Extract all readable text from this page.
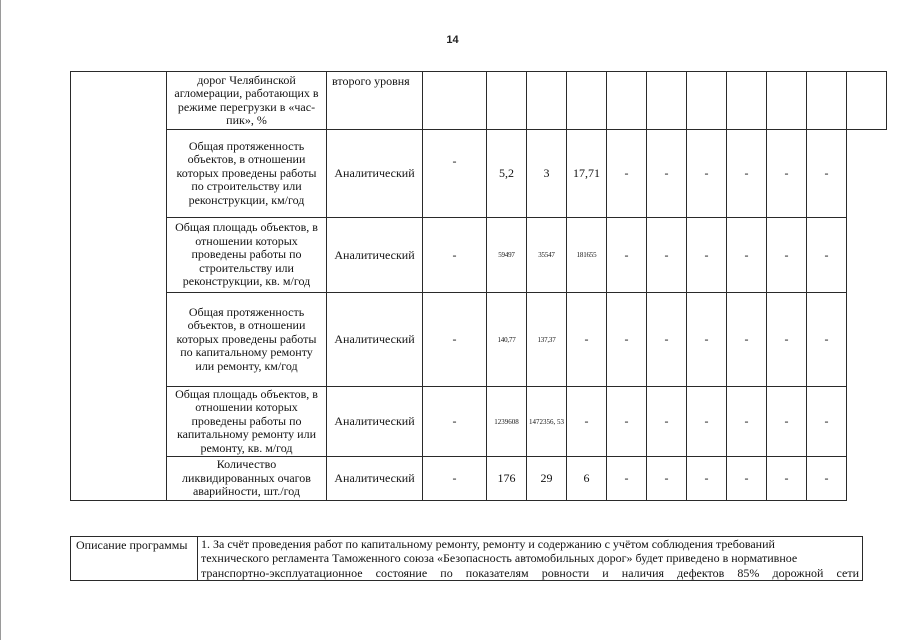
14
	дорог Челябинской агломерации, работающих в режиме перегрузки в «час-пик», %	второго уровня											
	Общая протяженность объектов, в отношении которых проведены работы по строительству или реконструкции, км/год	Аналитический	-	5,2	3	17,71	-	-	-	-	-	-	
	Общая площадь объектов, в отношении которых проведены работы по строительству или реконструкции, кв. м/год	Аналитический	-	59497	35547	181655	-	-	-	-	-	-	
	Общая протяженность объектов, в отношении которых проведены работы по капитальному ремонту или ремонту, км/год	Аналитический	-	140,77	137,37	-	-	-	-	-	-	-	
	Общая площадь объектов, в отношении которых проведены работы по капитальному ремонту или ремонту, кв. м/год	Аналитический	-	1239608	1472356, 53	-	-	-	-	-	-	-	
	Количество ликвидированных очагов аварийности, шт./год	Аналитический	-	176	29	6	-	-	-	-	-	-	
Описание программы	1. За счёт проведения работ по капитальному ремонту, ремонту и содержанию с учётом соблюдения требований
технического регламента Таможенного союза «Безопасность автомобильных дорог» будет приведено в нормативное
транспортно-эксплуатационное состояние по показателям ровности и наличия дефектов 85% дорожной сети
